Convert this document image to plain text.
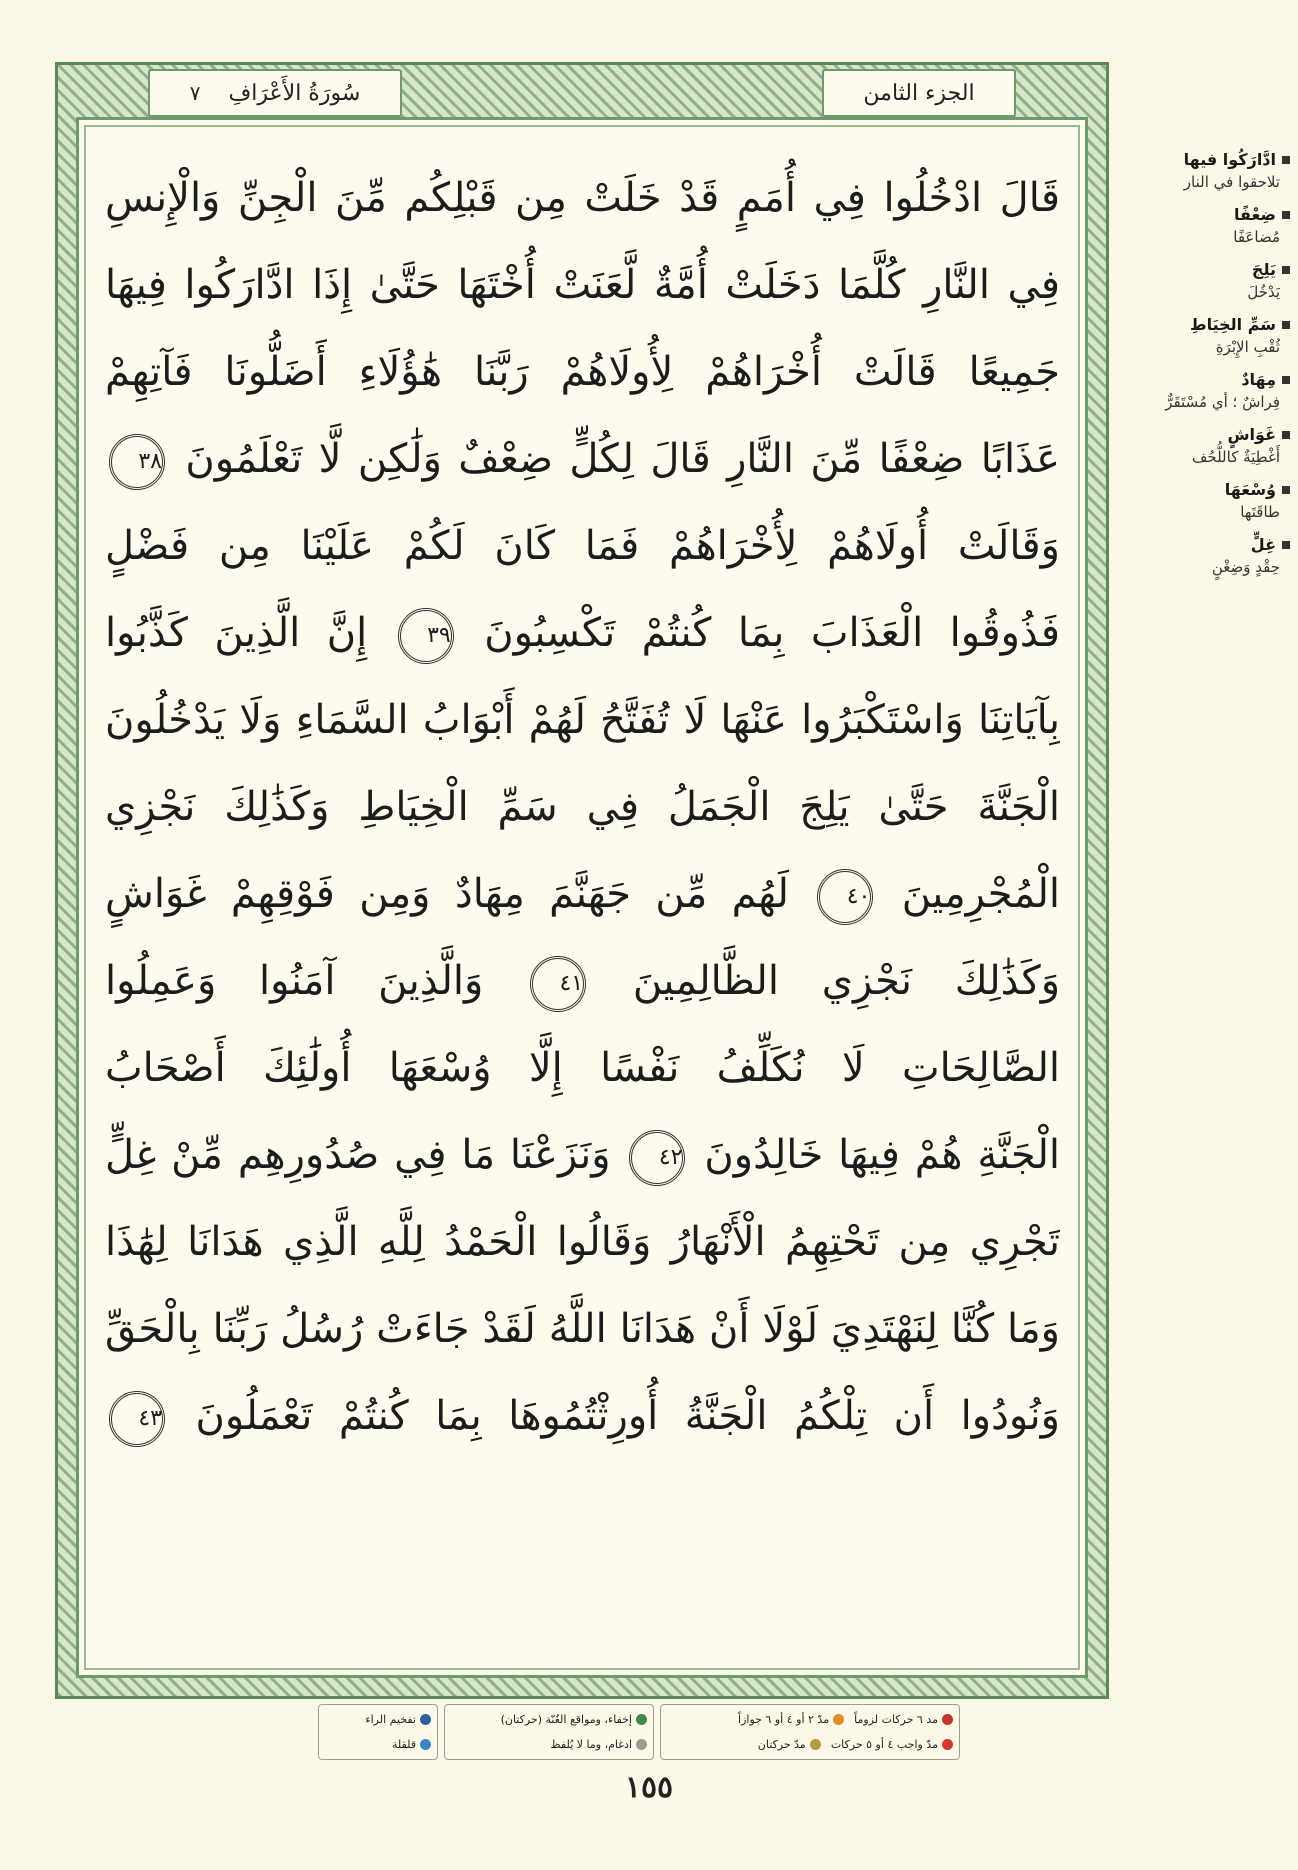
٧ سُورَةُ الأَعْرَافِ	الجزء الثامن
قَالَ ادْخُلُوا فِي أُمَمٍ قَدْ خَلَتْ مِن قَبْلِكُم مِّنَ الْجِنِّ وَالْإِنسِ
فِي النَّارِ كُلَّمَا دَخَلَتْ أُمَّةٌ لَّعَنَتْ أُخْتَهَا حَتَّىٰ إِذَا ادَّارَكُوا فِيهَا
جَمِيعًا قَالَتْ أُخْرَاهُمْ لِأُولَاهُمْ رَبَّنَا هَٰؤُلَاءِ أَضَلُّونَا فَآتِهِمْ
عَذَابًا ضِعْفًا مِّنَ النَّارِ قَالَ لِكُلٍّ ضِعْفٌ وَلَٰكِن لَّا تَعْلَمُونَ ٣٨
وَقَالَتْ أُولَاهُمْ لِأُخْرَاهُمْ فَمَا كَانَ لَكُمْ عَلَيْنَا مِن فَضْلٍ
فَذُوقُوا الْعَذَابَ بِمَا كُنتُمْ تَكْسِبُونَ ٣٩ إِنَّ الَّذِينَ كَذَّبُوا
بِآيَاتِنَا وَاسْتَكْبَرُوا عَنْهَا لَا تُفَتَّحُ لَهُمْ أَبْوَابُ السَّمَاءِ وَلَا يَدْخُلُونَ
الْجَنَّةَ حَتَّىٰ يَلِجَ الْجَمَلُ فِي سَمِّ الْخِيَاطِ وَكَذَٰلِكَ نَجْزِي
الْمُجْرِمِينَ ٤٠ لَهُم مِّن جَهَنَّمَ مِهَادٌ وَمِن فَوْقِهِمْ غَوَاشٍ
وَكَذَٰلِكَ نَجْزِي الظَّالِمِينَ ٤١ وَالَّذِينَ آمَنُوا وَعَمِلُوا
الصَّالِحَاتِ لَا نُكَلِّفُ نَفْسًا إِلَّا وُسْعَهَا أُولَٰئِكَ أَصْحَابُ
الْجَنَّةِ هُمْ فِيهَا خَالِدُونَ ٤٢ وَنَزَعْنَا مَا فِي صُدُورِهِم مِّنْ غِلٍّ
تَجْرِي مِن تَحْتِهِمُ الْأَنْهَارُ وَقَالُوا الْحَمْدُ لِلَّهِ الَّذِي هَدَانَا لِهَٰذَا
وَمَا كُنَّا لِنَهْتَدِيَ لَوْلَا أَنْ هَدَانَا اللَّهُ لَقَدْ جَاءَتْ رُسُلُ رَبِّنَا بِالْحَقِّ
وَنُودُوا أَن تِلْكُمُ الْجَنَّةُ أُورِثْتُمُوهَا بِمَا كُنتُمْ تَعْمَلُونَ ٤٣
ادَّارَكُوا فيها
تلاحقوا في النار
ضِعْفًا
مُضاعَفًا
يَلِجَ
يَدْخُلَ
سَمِّ الخِيَاطِ
ثُقْبِ الإِبْرَةِ
مِهَادٌ
فِراشٌ ؛ أي مُسْتَقَرٌّ
غَوَاشٍ
أَغْطِيَةٌ كاللُّحُف
وُسْعَهَا
طاقَتَها
غِلٍّ
حِقْدٍ وَضِغْنٍ
مد ٦ حركات لزوماً
مدّ ٢ أو ٤ أو ٦ جوازاً
مدّ واجب ٤ أو ٥ حركات
مدّ حركتان
إخفاء، ومواقع الغُنّة (حركتان)
ادغام، وما لا يُلفظ
تفخيم الراء
قلقلة
١٥٥
